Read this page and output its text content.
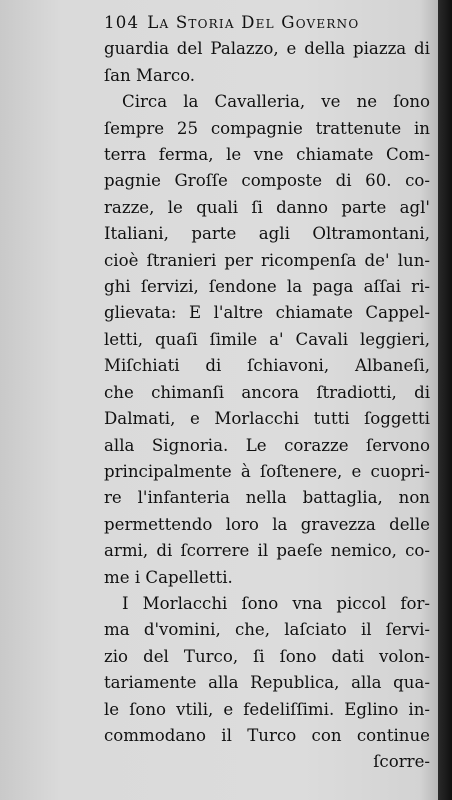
104 La Storia Del Governo
guardia del Palazzo, e della piazza di
ſan Marco.
Circa la Cavalleria, ve ne ſono
ſempre 25 compagnie trattenute in
terra ferma, le vne chiamate Com-
pagnie Groſſe composte di 60. co-
razze, le quali ſi danno parte agl'
Italiani, parte agli Oltramontani,
cioè ſtranieri per ricompenſa de' lun-
ghi ſervizi, ſendone la paga aſſai ri-
glievata: E l'altre chiamate Cappel-
letti, quaſi ſimile a' Cavali leggieri,
Miſchiati di ſchiavoni, Albaneſi,
che chimanſi ancora ſtradiotti, di
Dalmati, e Morlacchi tutti ſoggetti
alla Signoria. Le corazze ſervono
principalmente à ſoſtenere, e cuopri-
re l'infanteria nella battaglia, non
permettendo loro la gravezza delle
armi, di ſcorrere il paeſe nemico, co-
me i Capelletti.
I Morlacchi ſono vna piccol for-
ma d'vomini, che, laſciato il ſervi-
zio del Turco, ſi ſono dati volon-
tariamente alla Republica, alla qua-
le ſono vtili, e fedeliſſimi. Eglino in-
commodano il Turco con continue
ſcorre-
